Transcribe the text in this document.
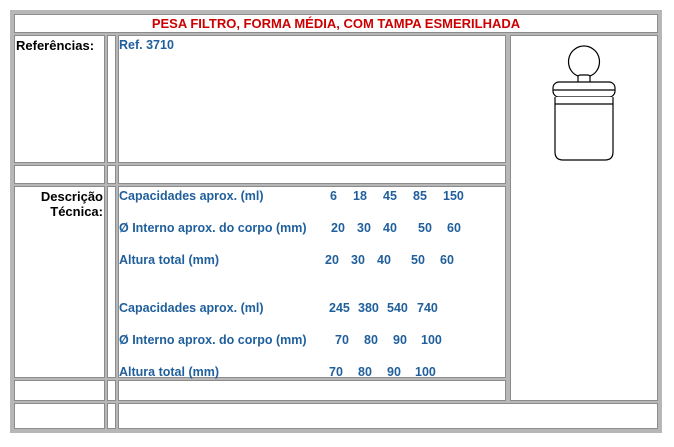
PESA FILTRO, FORMA MÉDIA, COM TAMPA ESMERILHADA
Referências: Ref. 3710
Descrição
Técnica:
Capacidades aprox. (ml)	6 18 45 85 150
Ø Interno aprox. do corpo (mm) 20 30 40 50 60
Altura total (mm)	20 30 40 50 60
Capacidades aprox. (ml)	245 380 540 740
Ø Interno aprox. do corpo (mm) 70 80 90 100
Altura total (mm)	70 80 90 100
